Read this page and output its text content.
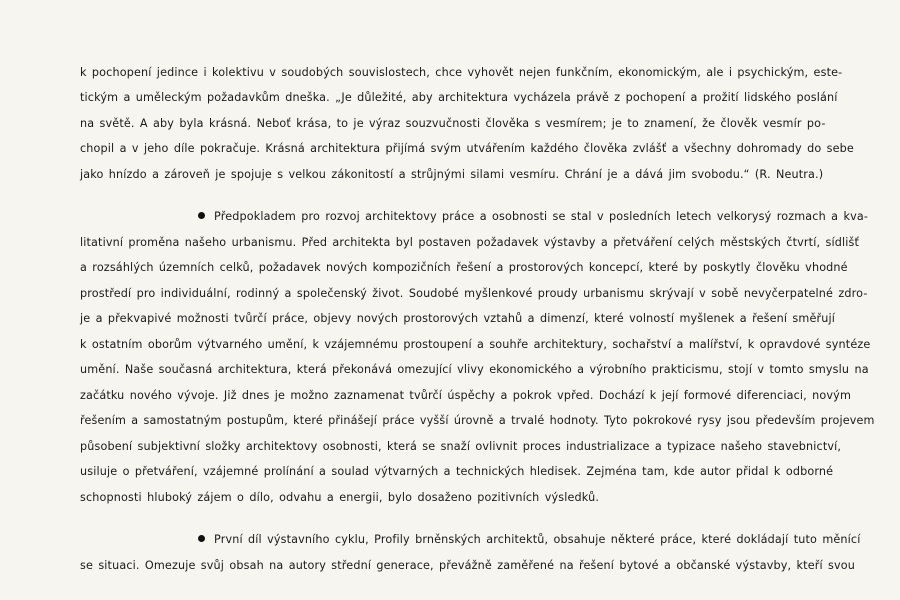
k pochopení jedince i kolektivu v soudobých souvislostech, chce vyhovět nejen funkčním, ekonomickým, ale i psychickým, este-
tickým a uměleckým požadavkům dneška. „Je důležité, aby architektura vycházela právě z pochopení a prožití lidského poslání
na světě. A aby byla krásná. Neboť krása, to je výraz souzvučnosti člověka s vesmírem; je to znamení, že člověk vesmír po-
chopil a v jeho díle pokračuje. Krásná architektura přijímá svým utvářením každého člověka zvlášť a všechny dohromady do sebe
jako hnízdo a zároveň je spojuje s velkou zákonitostí a strůjnými silami vesmíru. Chrání je a dává jim svobodu.“ (R. Neutra.)
Předpokladem pro rozvoj architektovy práce a osobnosti se stal v posledních letech velkorysý rozmach a kva-
litativní proměna našeho urbanismu. Před architekta byl postaven požadavek výstavby a přetváření celých městských čtvrtí, sídlišť
a rozsáhlých územních celků, požadavek nových kompozičních řešení a prostorových koncepcí, které by poskytly člověku vhodné
prostředí pro individuální, rodinný a společenský život. Soudobé myšlenkové proudy urbanismu skrývají v sobě nevyčerpatelné zdro-
je a překvapivé možnosti tvůrčí práce, objevy nových prostorových vztahů a dimenzí, které volností myšlenek a řešení směřují
k ostatním oborům výtvarného umění, k vzájemnému prostoupení a souhře architektury, sochařství a malířství, k opravdové syntéze
umění. Naše současná architektura, která překonává omezující vlivy ekonomického a výrobního prakticismu, stojí v tomto smyslu na
začátku nového vývoje. Již dnes je možno zaznamenat tvůrčí úspěchy a pokrok vpřed. Dochází k její formové diferenciaci, novým
řešením a samostatným postupům, které přinášejí práce vyšší úrovně a trvalé hodnoty. Tyto pokrokové rysy jsou především projevem
působení subjektivní složky architektovy osobnosti, která se snaží ovlivnit proces industrializace a typizace našeho stavebnictví,
usiluje o přetváření, vzájemné prolínání a soulad výtvarných a technických hledisek. Zejména tam, kde autor přidal k odborné
schopnosti hluboký zájem o dílo, odvahu a energii, bylo dosaženo pozitivních výsledků.
První díl výstavního cyklu, Profily brněnských architektů, obsahuje některé práce, které dokládají tuto měnící
se situaci. Omezuje svůj obsah na autory střední generace, převážně zaměřené na řešení bytové a občanské výstavby, kteří svou
